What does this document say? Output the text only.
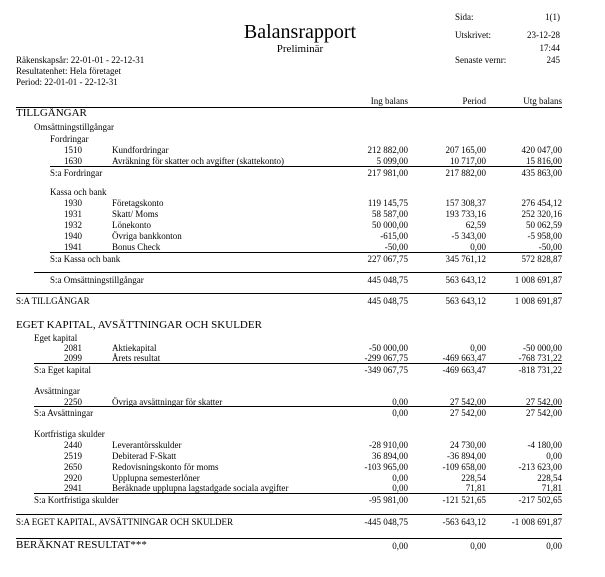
Balansrapport
Preliminär
Sida:	1(1)
Utskrivet:	23-12-28
17:44
Senaste vernr:	245
Räkenskapsår: 22-01-01 - 22-12-31
Resultatenhet: Hela företaget
Period: 22-01-01 - 22-12-31
Ing balans	Period	Utg balans
TILLGÅNGAR
Omsättningstillgångar
Fordringar
1510	Kundfordringar	212 882,00	207 165,00	420 047,00
1630	Avräkning för skatter och avgifter (skattekonto)	5 099,00	10 717,00	15 816,00
S:a Fordringar	217 981,00	217 882,00	435 863,00
Kassa och bank
1930	Företagskonto	119 145,75	157 308,37	276 454,12
1931	Skatt/ Moms	58 587,00	193 733,16	252 320,16
1932	Lönekonto	50 000,00	62,59	50 062,59
1940	Övriga bankkonton	-615,00	-5 343,00	-5 958,00
1941	Bonus Check	-50,00	0,00	-50,00
S:a Kassa och bank	227 067,75	345 761,12	572 828,87
S:a Omsättningstillgångar	445 048,75	563 643,12	1 008 691,87
S:A TILLGÅNGAR	445 048,75	563 643,12	1 008 691,87
EGET KAPITAL, AVSÄTTNINGAR OCH SKULDER
Eget kapital
2081	Aktiekapital	-50 000,00	0,00	-50 000,00
2099	Årets resultat	-299 067,75	-469 663,47	-768 731,22
S:a Eget kapital	-349 067,75	-469 663,47	-818 731,22
Avsättningar
2250	Övriga avsättningar för skatter	0,00	27 542,00	27 542,00
S:a Avsättningar	0,00	27 542,00	27 542,00
Kortfristiga skulder
2440	Leverantörsskulder	-28 910,00	24 730,00	-4 180,00
2519	Debiterad F-Skatt	36 894,00	-36 894,00	0,00
2650	Redovisningskonto för moms	-103 965,00	-109 658,00	-213 623,00
2920	Upplupna semesterlöner	0,00	228,54	228,54
2941	Beräknade upplupna lagstadgade sociala avgifter	0,00	71,81	71,81
S:a Kortfristiga skulder	-95 981,00	-121 521,65	-217 502,65
S:A EGET KAPITAL, AVSÄTTNINGAR OCH SKULDER	-445 048,75	-563 643,12	-1 008 691,87
BERÄKNAT RESULTAT***	0,00	0,00	0,00
